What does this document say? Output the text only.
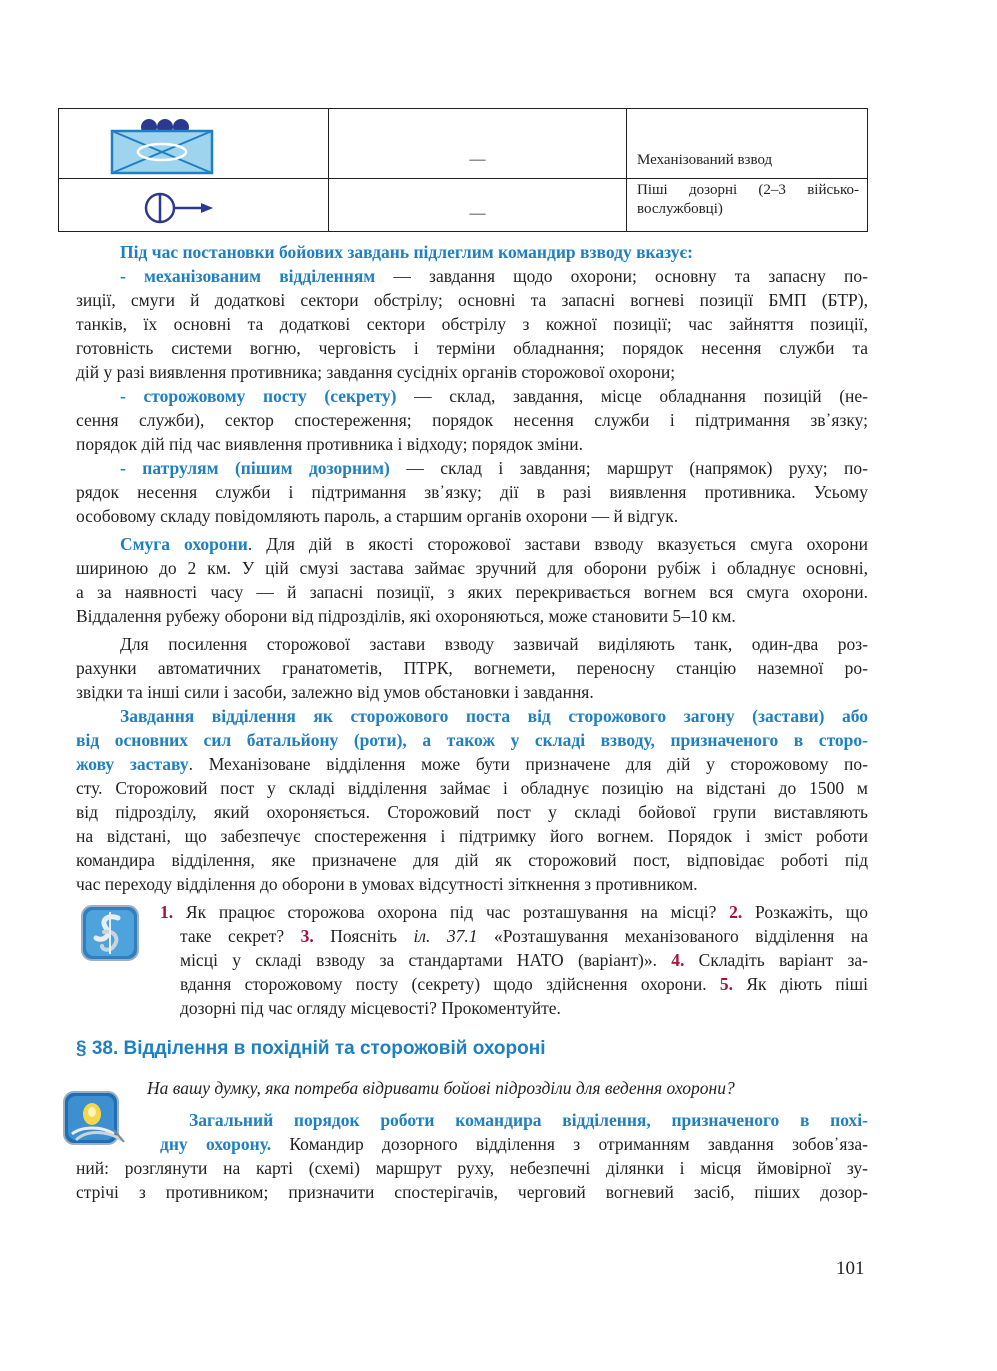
—	Механізований взвод
—
Піші дозорні (2–3 військо-
вослужбовці)
Під час постановки бойових завдань підлеглим командир взводу вказує:
- механізованим відділенням — завдання щодо охорони; основну та запасну по-
зиції, смуги й додаткові сектори обстрілу; основні та запасні вогневі позиції БМП (БТР),
танків, їх основні та додаткові сектори обстрілу з кожної позиції; час зайняття позиції,
готовність системи вогню, черговість і терміни обладнання; порядок несення служби та
дій у разі виявлення противника; завдання сусідніх органів сторожової охорони;
- сторожовому посту (секрету) — склад, завдання, місце обладнання позицій (не-
сення служби), сектор спостереження; порядок несення служби і підтримання зв᾽язку;
порядок дій під час виявлення противника і відходу; порядок зміни.
- патрулям (пішим дозорним) — склад і завдання; маршрут (напрямок) руху; по-
рядок несення служби і підтримання зв᾽язку; дії в разі виявлення противника. Усьому
особовому складу повідомляють пароль, а старшим органів охорони — й відгук.
Смуга охорони. Для дій в якості сторожової застави взводу вказується смуга охорони
шириною до 2 км. У цій смузі застава займає зручний для оборони рубіж і обладнує основні,
а за наявності часу — й запасні позиції, з яких перекривається вогнем вся смуга охорони.
Віддалення рубежу оборони від підрозділів, які охороняються, може становити 5–10 км.
Для посилення сторожової застави взводу зазвичай виділяють танк, один-два роз-
рахунки автоматичних гранатометів, ПТРК, вогнемети, переносну станцію наземної ро-
звідки та інші сили і засоби, залежно від умов обстановки і завдання.
Завдання відділення як сторожового поста від сторожового загону (застави) або
від основних сил батальйону (роти), а також у складі взводу, призначеного в сторо-
жову заставу. Механізоване відділення може бути призначене для дій у сторожовому по-
сту. Сторожовий пост у складі відділення займає і обладнує позицію на відстані до 1500 м
від підрозділу, який охороняється. Сторожовий пост у складі бойової групи виставляють
на відстані, що забезпечує спостереження і підтримку його вогнем. Порядок і зміст роботи
командира відділення, яке призначене для дій як сторожовий пост, відповідає роботі під
час переходу відділення до оборони в умовах відсутності зіткнення з противником.
1. Як працює сторожова охорона під час розташування на місці? 2. Розкажіть, що
таке секрет? 3. Поясніть іл. 37.1 «Розташування механізованого відділення на
місці у складі взводу за стандартами НАТО (варіант)». 4. Складіть варіант за-
вдання сторожовому посту (секрету) щодо здійснення охорони. 5. Як діють піші
дозорні під час огляду місцевості? Прокоментуйте.
§ 38. Відділення в похідній та сторожовій охороні
На вашу думку, яка потреба відривати бойові підрозділи для ведення охорони?
Загальний порядок роботи командира відділення, призначеного в похі-
дну охорону. Командир дозорного відділення з отриманням завдання зобов᾽яза-
ний: розглянути на карті (схемі) маршрут руху, небезпечні ділянки і місця ймовірної зу-
стрічі з противником; призначити спостерігачів, черговий вогневий засіб, піших дозор-
101
